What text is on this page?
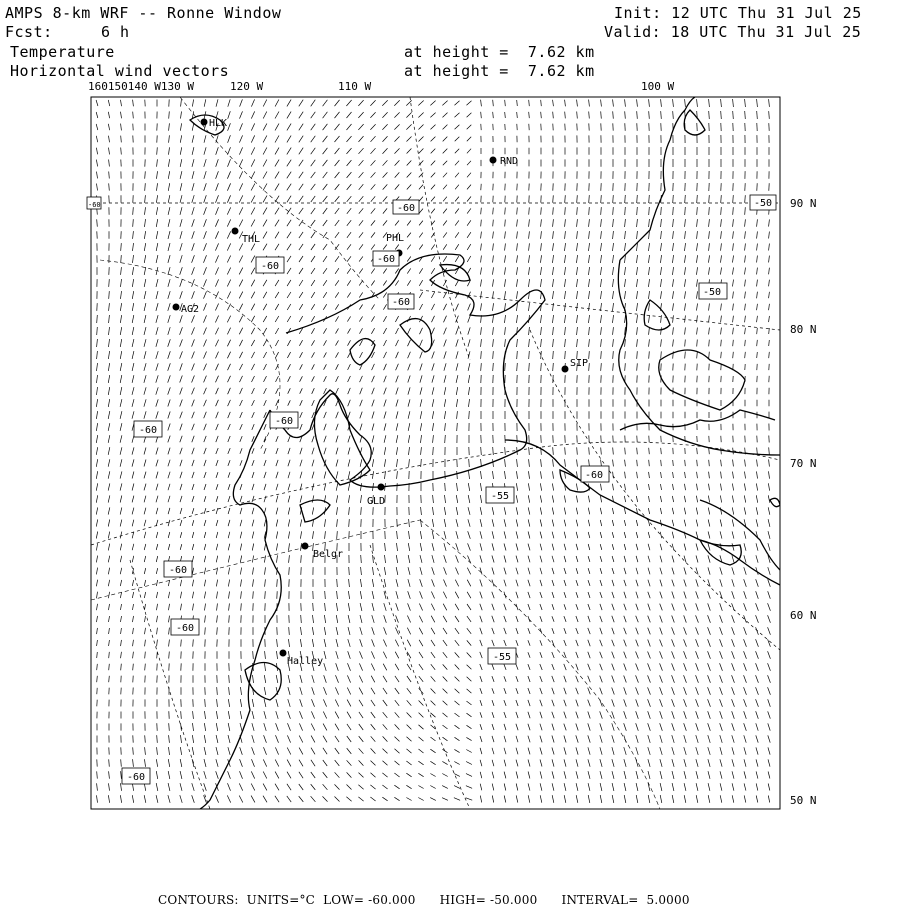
AMPS 8-km WRF -- Ronne Window	Init: 12 UTC Thu 31 Jul 25
Fcst:	6 h	Valid: 18 UTC Thu 31 Jul 25
Temperature	at height =  7.62 km
Horizontal wind vectors	at height =  7.62 km
160150140 W130 W	120 W	110 W	100 W
90 N
80 N
70 N
60 N
50 N
HLK
RND
THL	PHL
AG2
SIP
GLD
Belgr
Halley
-60
-60
-60
-60
-60
-55
-60
-60
-55
-60
-60
-50
-60
-50
-60

CONTOURS: UNITS=°C LOW= -60.000 HIGH= -50.000 INTERVAL= 5.0000
